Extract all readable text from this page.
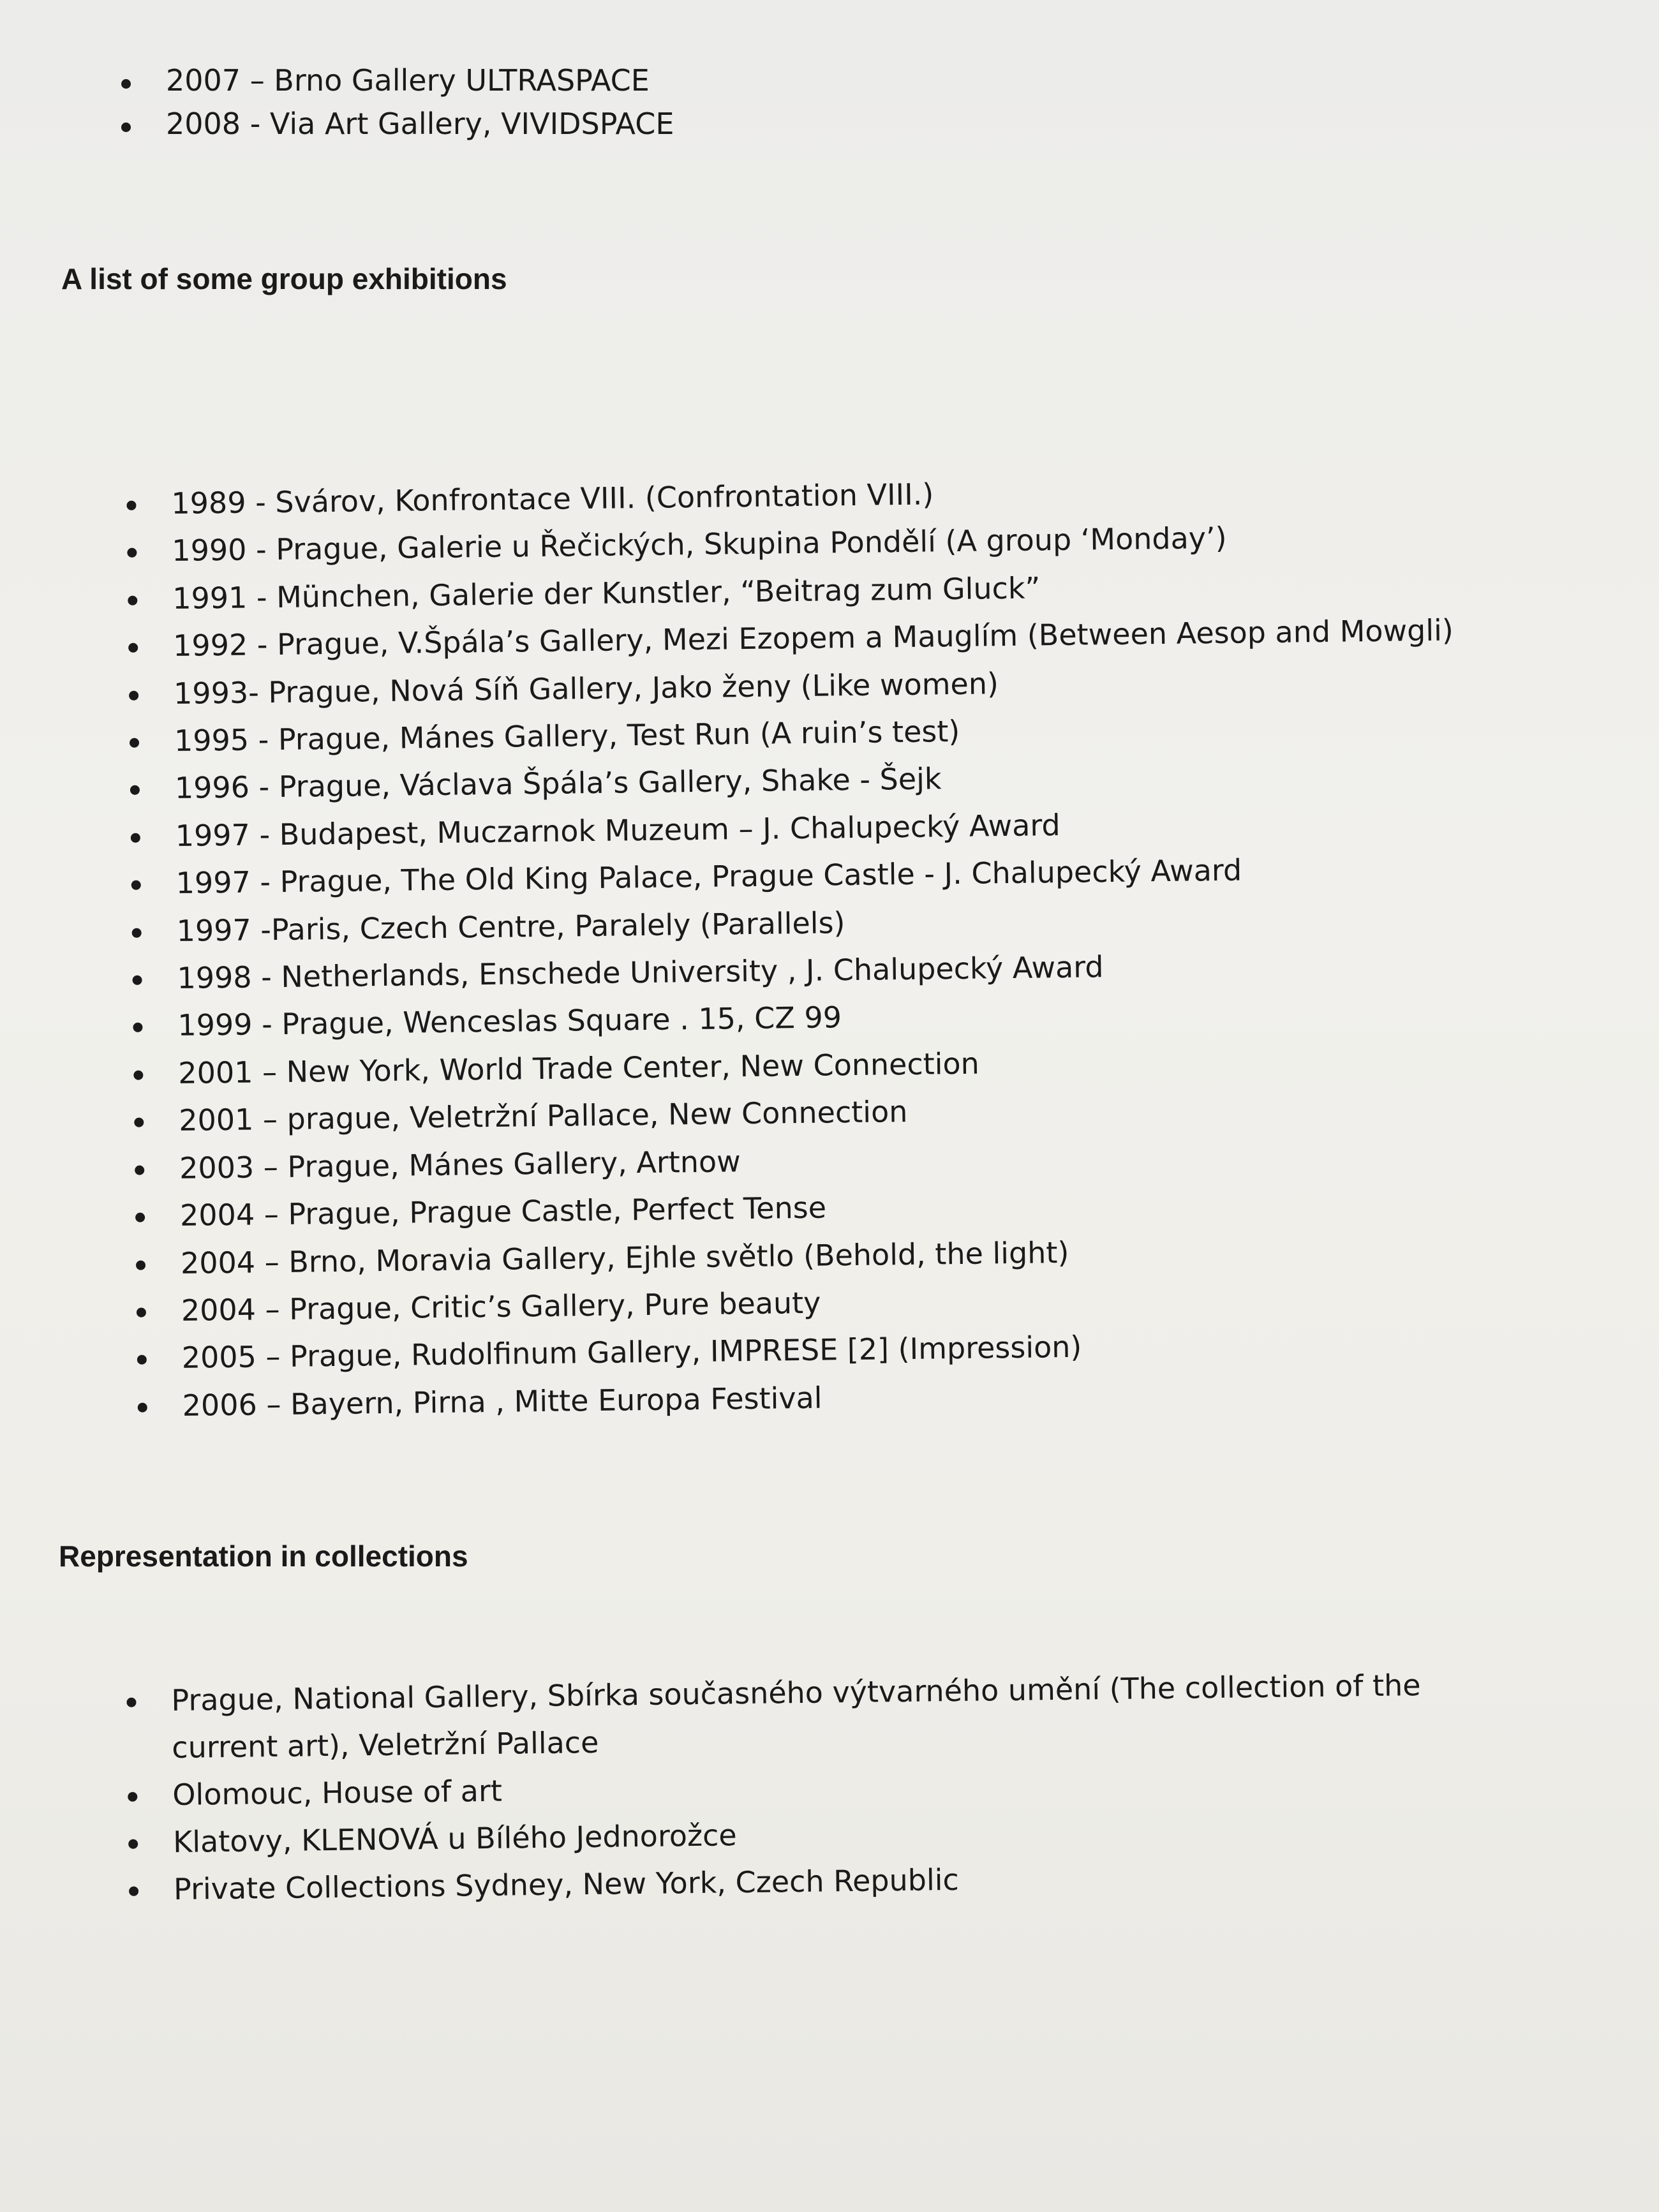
2007 – Brno Gallery ULTRASPACE
2008 - Via Art Gallery, VIVIDSPACE
A list of some group exhibitions
1989 - Svárov, Konfrontace VIII. (Confrontation VIII.)
1990 - Prague, Galerie u Řečických, Skupina Pondělí (A group ‘Monday’)
1991 - München, Galerie der Kunstler, “Beitrag zum Gluck”
1992 - Prague, V.Špála’s Gallery, Mezi Ezopem a Mauglím (Between Aesop and Mowgli)
1993- Prague, Nová Síň Gallery, Jako ženy (Like women)
1995 - Prague, Mánes Gallery, Test Run (A ruin’s test)
1996 - Prague, Václava Špála’s Gallery, Shake - Šejk
1997 - Budapest, Muczarnok Muzeum – J. Chalupecký Award
1997 - Prague, The Old King Palace, Prague Castle - J. Chalupecký Award
1997 -Paris, Czech Centre, Paralely (Parallels)
1998 - Netherlands, Enschede University , J. Chalupecký Award
1999 - Prague, Wenceslas Square . 15, CZ 99
2001 – New York, World Trade Center, New Connection
2001 – prague, Veletržní Pallace, New Connection
2003 – Prague, Mánes Gallery, Artnow
2004 – Prague, Prague Castle, Perfect Tense
2004 – Brno, Moravia Gallery, Ejhle světlo (Behold, the light)
2004 – Prague, Critic’s Gallery, Pure beauty
2005 – Prague, Rudolfinum Gallery, IMPRESE [2] (Impression)
2006 – Bayern, Pirna , Mitte Europa Festival
Representation in collections
Prague, National Gallery, Sbírka současného výtvarného umění (The collection of the current art), Veletržní Pallace
Olomouc, House of art
Klatovy, KLENOVÁ u Bílého Jednorožce
Private Collections Sydney, New York, Czech Republic
